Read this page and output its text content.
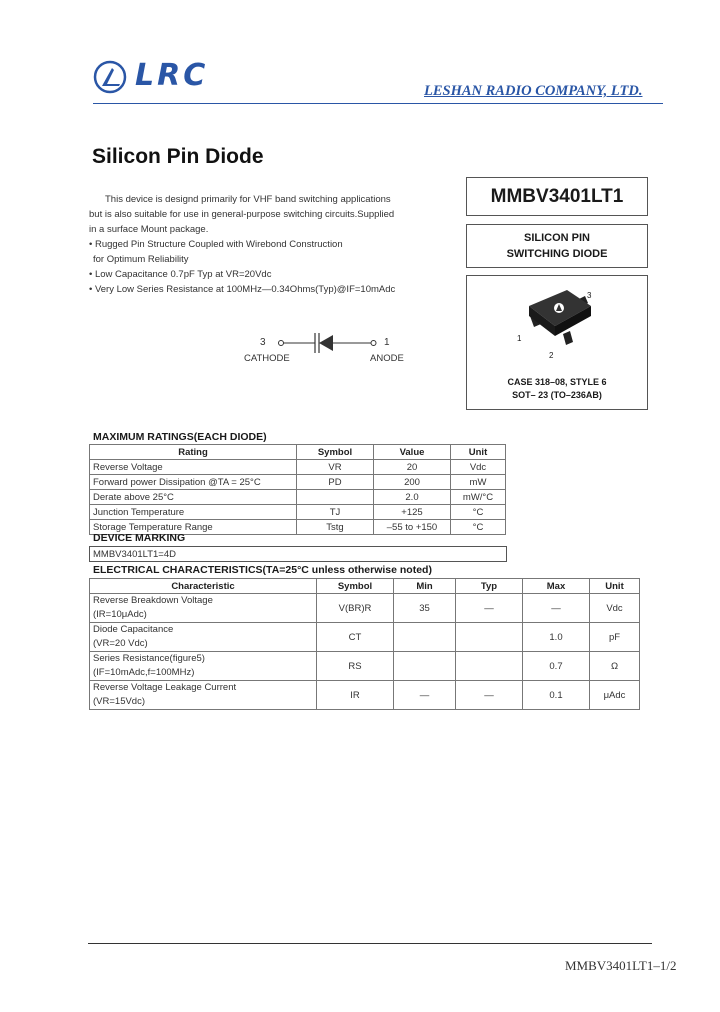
LRC	LESHAN RADIO COMPANY, LTD.
Silicon Pin Diode
MMBV3401LT1
SILICON PIN
SWITCHING DIODE
3
1
2
CASE 318–08, STYLE 6
SOT– 23 (TO–236AB)

This device is designd primarily for VHF band switching applications

but is also suitable for use in general-purpose switching circuits.Supplied

in a surface Mount package.

• Rugged Pin Structure Coupled with Wirebond Construction

for Optimum Reliability

• Low Capacitance 0.7pF Typ at VR=20Vdc

• Very Low Series Resistance at 100MHz—0.34Ohms(Typ)@IF=10mAdc

3	1
CATHODE	ANODE
MAXIMUM RATINGS(EACH DIODE)
Rating	Symbol	Value	Unit
Reverse Voltage	VR	20	Vdc
Forward power Dissipation @TA = 25°C	PD	200	mW
Derate above 25°C		2.0	mW/°C
Junction Temperature	TJ	+125	°C
Storage Temperature Range	Tstg	–55 to +150	°C
DEVICE MARKING
MMBV3401LT1=4D
ELECTRICAL CHARACTERISTICS(TA=25°C unless otherwise noted)
Characteristic	Symbol	Min	Typ	Max	Unit

Reverse Breakdown Voltage
(IR=10μAdc)	V(BR)R	35	—	—	Vdc

Diode Capacitance
(VR=20 Vdc)	CT			1.0	pF

Series Resistance(figure5)
(IF=10mAdc,f=100MHz)	RS			0.7	Ω

Reverse Voltage Leakage Current
(VR=15Vdc)	IR	—	—	0.1	μAdc
MMBV3401LT1–1/2
